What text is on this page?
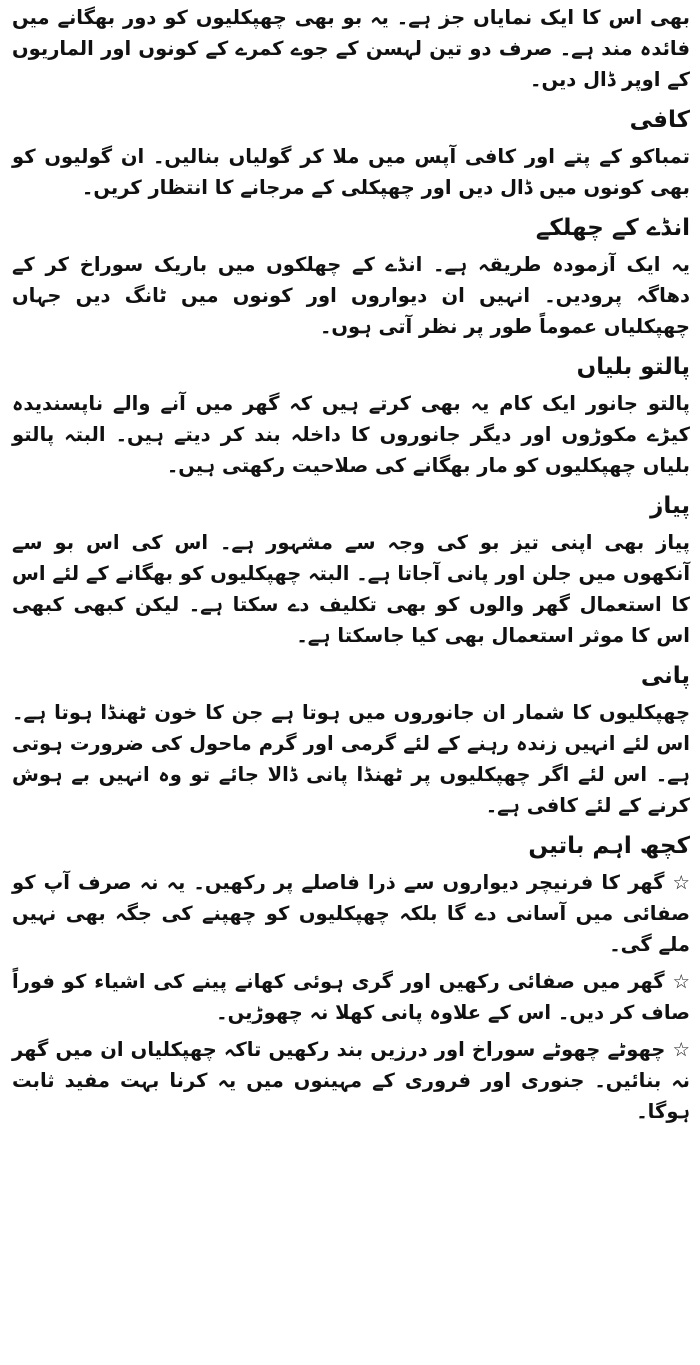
بھی اس کا ایک نمایاں جز ہے۔ یہ بو بھی چھپکلیوں کو دور بھگانے میں فائدہ مند ہے۔ صرف دو تین لہسن کے جوے کمرے کے کونوں اور الماریوں کے اوپر ڈال دیں۔

کافی

تمباکو کے پتے اور کافی آپس میں ملا کر گولیاں بنالیں۔ ان گولیوں کو بھی کونوں میں ڈال دیں اور چھپکلی کے مرجانے کا انتظار کریں۔

انڈے کے چھلکے

یہ ایک آزمودہ طریقہ ہے۔ انڈے کے چھلکوں میں باریک سوراخ کر کے دھاگہ پرودیں۔ انہیں ان دیواروں اور کونوں میں ٹانگ دیں جہاں چھپکلیاں عموماً طور پر نظر آتی ہوں۔

پالتو بلیاں

پالتو جانور ایک کام یہ بھی کرتے ہیں کہ گھر میں آنے والے ناپسندیدہ کیڑے مکوڑوں اور دیگر جانوروں کا داخلہ بند کر دیتے ہیں۔ البتہ پالتو بلیاں چھپکلیوں کو مار بھگانے کی صلاحیت رکھتی ہیں۔

پیاز

پیاز بھی اپنی تیز بو کی وجہ سے مشہور ہے۔ اس کی اس بو سے آنکھوں میں جلن اور پانی آجاتا ہے۔ البتہ چھپکلیوں کو بھگانے کے لئے اس کا استعمال گھر والوں کو بھی تکلیف دے سکتا ہے۔ لیکن کبھی کبھی اس کا موثر استعمال بھی کیا جاسکتا ہے۔

پانی

چھپکلیوں کا شمار ان جانوروں میں ہوتا ہے جن کا خون ٹھنڈا ہوتا ہے۔ اس لئے انہیں زندہ رہنے کے لئے گرمی اور گرم ماحول کی ضرورت ہوتی ہے۔ اس لئے اگر چھپکلیوں پر ٹھنڈا پانی ڈالا جائے تو وہ انہیں بے ہوش کرنے کے لئے کافی ہے۔

کچھ اہم باتیں

☆ گھر کا فرنیچر دیواروں سے ذرا فاصلے پر رکھیں۔ یہ نہ صرف آپ کو صفائی میں آسانی دے گا بلکہ چھپکلیوں کو چھپنے کی جگہ بھی نہیں ملے گی۔

☆ گھر میں صفائی رکھیں اور گری ہوئی کھانے پینے کی اشیاء کو فوراً صاف کر دیں۔ اس کے علاوہ پانی کھلا نہ چھوڑیں۔

☆ چھوٹے چھوٹے سوراخ اور درزیں بند رکھیں تاکہ چھپکلیاں ان میں گھر نہ بنائیں۔ جنوری اور فروری کے مہینوں میں یہ کرنا بہت مفید ثابت ہوگا۔
